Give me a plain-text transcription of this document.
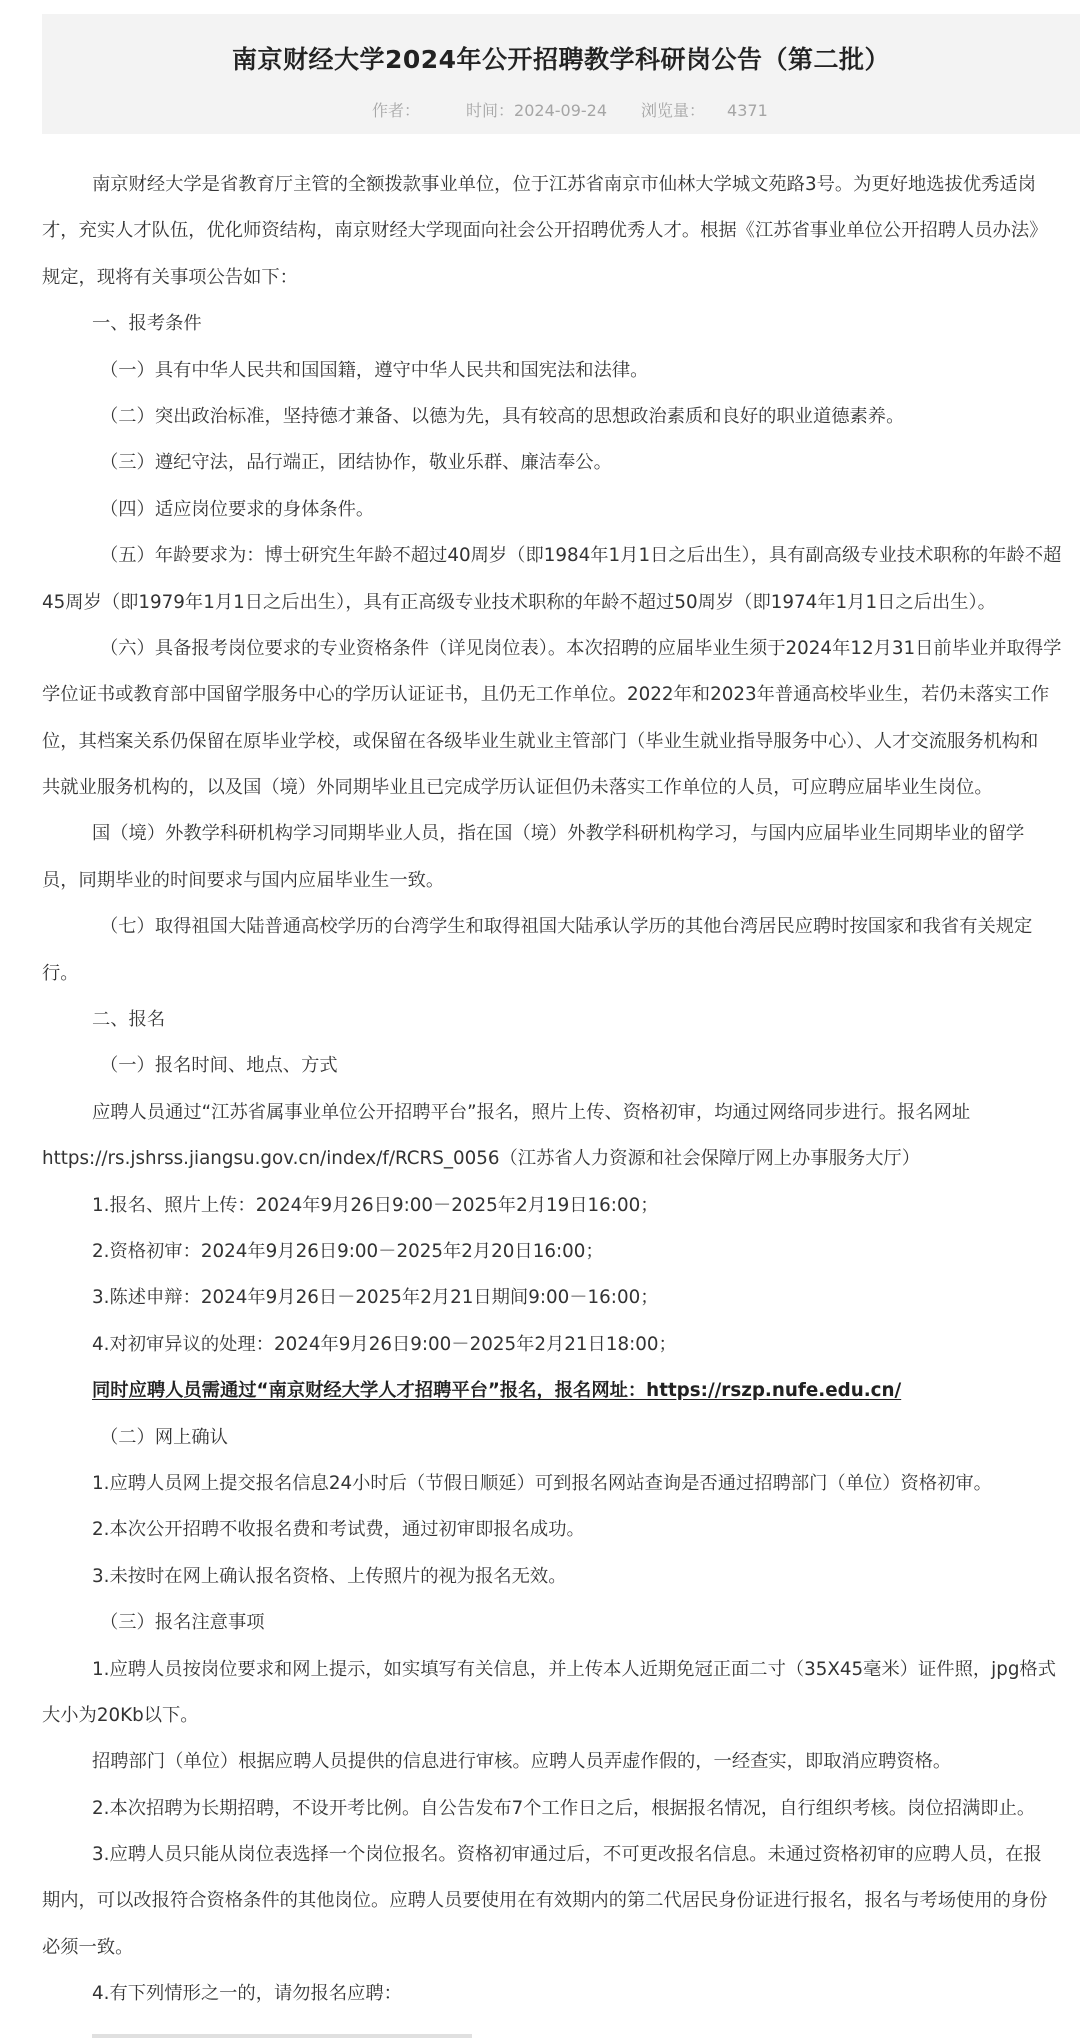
南京财经大学2024年公开招聘教学科研岗公告（第二批）
作者：	时间：2024-09-24 浏览量： 4371
南京财经大学是省教育厅主管的全额拨款事业单位，位于江苏省南京市仙林大学城文苑路3号。为更好地选拔优秀适岗
才，充实人才队伍，优化师资结构，南京财经大学现面向社会公开招聘优秀人才。根据《江苏省事业单位公开招聘人员办法》
规定，现将有关事项公告如下：
一、报考条件
（一）具有中华人民共和国国籍，遵守中华人民共和国宪法和法律。
（二）突出政治标准，坚持德才兼备、以德为先，具有较高的思想政治素质和良好的职业道德素养。
（三）遵纪守法，品行端正，团结协作，敬业乐群、廉洁奉公。
（四）适应岗位要求的身体条件。
（五）年龄要求为：博士研究生年龄不超过40周岁（即1984年1月1日之后出生），具有副高级专业技术职称的年龄不超
45周岁（即1979年1月1日之后出生），具有正高级专业技术职称的年龄不超过50周岁（即1974年1月1日之后出生）。
（六）具备报考岗位要求的专业资格条件（详见岗位表）。本次招聘的应届毕业生须于2024年12月31日前毕业并取得学
学位证书或教育部中国留学服务中心的学历认证证书，且仍无工作单位。2022年和2023年普通高校毕业生，若仍未落实工作
位，其档案关系仍保留在原毕业学校，或保留在各级毕业生就业主管部门（毕业生就业指导服务中心）、人才交流服务机构和
共就业服务机构的，以及国（境）外同期毕业且已完成学历认证但仍未落实工作单位的人员，可应聘应届毕业生岗位。
国（境）外教学科研机构学习同期毕业人员，指在国（境）外教学科研机构学习，与国内应届毕业生同期毕业的留学
员，同期毕业的时间要求与国内应届毕业生一致。
（七）取得祖国大陆普通高校学历的台湾学生和取得祖国大陆承认学历的其他台湾居民应聘时按国家和我省有关规定
行。
二、报名
（一）报名时间、地点、方式
应聘人员通过“江苏省属事业单位公开招聘平台”报名，照片上传、资格初审，均通过网络同步进行。报名网址
https://rs.jshrss.jiangsu.gov.cn/index/f/RCRS_0056（江苏省人力资源和社会保障厅网上办事服务大厅）
1.报名、照片上传：2024年9月26日9:00－2025年2月19日16:00；
2.资格初审：2024年9月26日9:00－2025年2月20日16:00；
3.陈述申辩：2024年9月26日－2025年2月21日期间9:00－16:00；
4.对初审异议的处理：2024年9月26日9:00－2025年2月21日18:00；
同时应聘人员需通过“南京财经大学人才招聘平台”报名，报名网址：https://rszp.nufe.edu.cn/
（二）网上确认
1.应聘人员网上提交报名信息24小时后（节假日顺延）可到报名网站查询是否通过招聘部门（单位）资格初审。
2.本次公开招聘不收报名费和考试费，通过初审即报名成功。
3.未按时在网上确认报名资格、上传照片的视为报名无效。
（三）报名注意事项
1.应聘人员按岗位要求和网上提示，如实填写有关信息，并上传本人近期免冠正面二寸（35X45毫米）证件照，jpg格式
大小为20Kb以下。
招聘部门（单位）根据应聘人员提供的信息进行审核。应聘人员弄虚作假的，一经查实，即取消应聘资格。
2.本次招聘为长期招聘，不设开考比例。自公告发布7个工作日之后，根据报名情况，自行组织考核。岗位招满即止。
3.应聘人员只能从岗位表选择一个岗位报名。资格初审通过后，不可更改报名信息。未通过资格初审的应聘人员，在报
期内，可以改报符合资格条件的其他岗位。应聘人员要使用在有效期内的第二代居民身份证进行报名，报名与考场使用的身份
必须一致。
4.有下列情形之一的，请勿报名应聘：
